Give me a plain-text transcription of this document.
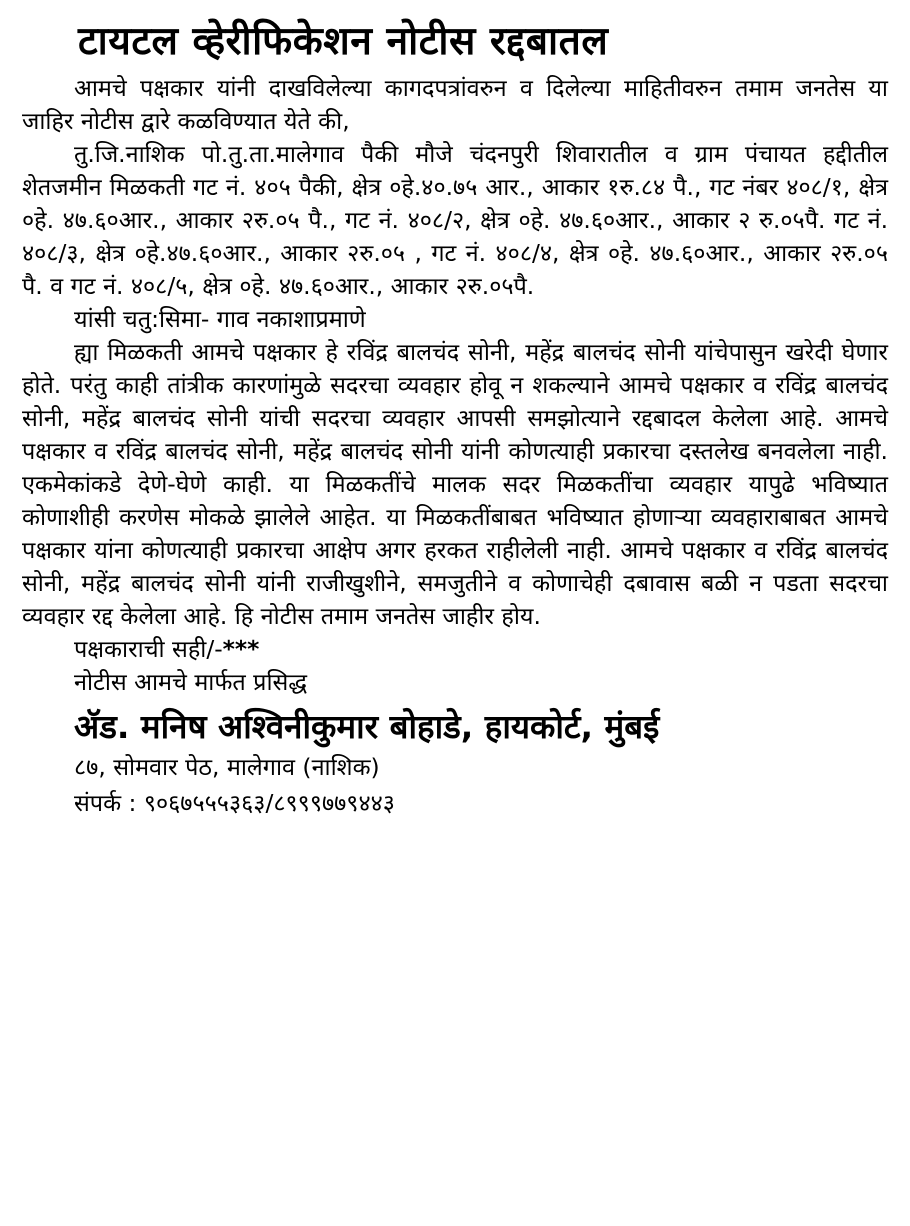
टायटल व्हेरीफिकेशन नोटीस रद्दबातल

आमचे पक्षकार यांनी दाखविलेल्या कागदपत्रांवरुन व दिलेल्या माहितीवरुन तमाम जनतेस या जाहिर नोटीस द्वारे कळविण्यात येते की,

तु.जि.नाशिक पो.तु.ता.मालेगाव पैकी मौजे चंदनपुरी शिवारातील व ग्राम पंचायत हद्दीतील शेतजमीन मिळकती गट नं. ४०५ पैकी, क्षेत्र ०हे.४०.७५ आर., आकार १रु.८४ पै., गट नंबर ४०८/१, क्षेत्र ०हे. ४७.६०आर., आकार २रु.०५ पै., गट नं. ४०८/२, क्षेत्र ०हे. ४७.६०आर., आकार २ रु.०५पै. गट नं. ४०८/३, क्षेत्र ०हे.४७.६०आर., आकार २रु.०५ , गट नं. ४०८/४, क्षेत्र ०हे. ४७.६०आर., आकार २रु.०५ पै. व गट नं. ४०८/५, क्षेत्र ०हे. ४७.६०आर., आकार २रु.०५पै.

यांसी चतु:सिमा- गाव नकाशाप्रमाणे

ह्या मिळकती आमचे पक्षकार हे रविंद्र बालचंद सोनी, महेंद्र बालचंद सोनी यांचेपासुन खरेदी घेणार होते. परंतु काही तांत्रीक कारणांमुळे सदरचा व्यवहार होवू न शकल्याने आमचे पक्षकार व रविंद्र बालचंद सोनी, महेंद्र बालचंद सोनी यांची सदरचा व्यवहार आपसी समझोत्याने रद्दबादल केलेला आहे. आमचे पक्षकार व रविंद्र बालचंद सोनी, महेंद्र बालचंद सोनी यांनी कोणत्याही प्रकारचा दस्तलेख बनवलेला नाही. एकमेकांकडे देणे-घेणे काही. या मिळकतींचे मालक सदर मिळकतींचा व्यवहार यापुढे भविष्यात कोणाशीही करणेस मोकळे झालेले आहेत. या मिळकतींबाबत भविष्यात होणाऱ्या व्यवहाराबाबत आमचे पक्षकार यांना कोणत्याही प्रकारचा आक्षेप अगर हरकत राहीलेली नाही. आमचे पक्षकार व रविंद्र बालचंद सोनी, महेंद्र बालचंद सोनी यांनी राजीखुशीने, समजुतीने व कोणाचेही दबावास बळी न पडता सदरचा व्यवहार रद्द केलेला आहे. हि नोटीस तमाम जनतेस जाहीर होय.

पक्षकाराची सही/-***

नोटीस आमचे मार्फत प्रसिद्ध

ॲड. मनिष अश्विनीकुमार बोहाडे, हायकोर्ट, मुंबई

८७, सोमवार पेठ, मालेगाव (नाशिक)

संपर्क : ९०६७५५५३६३/८९९९७७९४४३
